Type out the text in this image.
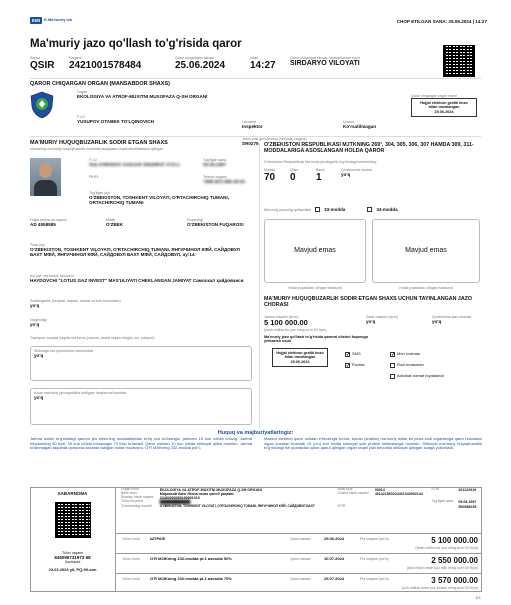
EMI	E-Ma'muriy ish	CHOP ETILGAN SANA: 25.06.2024 | 14:27
Ma'muriy jazo qo'llash to'g'risida qaror
Seriya
QSIR
Raqami
2421001578484
Qaror chiqarilgan sanasi
25.06.2024
Vaqti
14:27
Qaror chiqargan viloyat, shahar/tuman nomi
SIRDARYO VILOYATI
QAROR CHIQARGAN ORGAN (MANSABDOR SHAXS)
Organ
EKOLOGIYA VA ATROF-MUXITNI MUXOFAZA Q-SH ORGANI
Lavozimi
Inspektor
Unvoni
Ko'rsatilmagan
Jeton yoki guvohnoma (seriyasi, raqami)
SR0275
F.I.O.
YUSUPOV OTABEK TO'LQINOVICH
Qaror chiqargan organ muhri
Hujjat elektron grafik imzo
bilan imzolangan
25.06.2024
MA'MURIY HUQUQBUZARLIK SODIR ETGAN SHAXS
shaxsning ma'muriy huquqbuzarlik muhbirlik tasqiqlash orqali identifikatsiya qilingan
F.I.O.
SULAYMONOV SANJAR SHUHRAT O'G'LI
Tug'ilgan sana
05.08.1997
PINFL	Telefon raqami
+998 (97) 555-45-02
Tug'ilgan joyi
O'ZBEKISTON, TOSHKENT VILOYATI, O'RTACHIRCHIQ TUMANI, ORTACHIRCHIQ TUMANI
Hujjat seriya va raqami
AD 4558585
Millati
O'ZBEK
Fuqaroligi
O'ZBEKISTON FUQAROSI
Turar joyi
O'ZBEKISTON, TOSHKENT VILOYATI, O'RTACHIRCHIQ TUMANI, ЯНГИЧИНОЛ КФЙ, САЙДОВУЛ БАХТ МФЙ, ЯНГИЧИНОЛ КФЙ, САЙДОВУЛ БАХТ МФЙ, САЙДОВУЛ, uy:14
Ish joyi, ma'lumoti, lavozimi
HAYDOVCHI "LOTUS GAZ INVEST" MAS'ULIYATI CHEKLANGAN JAMIYAT Самоскал ҳайдовчиси
Sudlanganlik (seriyasi, raqami, sanasi va kim tomonidan)
yo'q
Nogironligi
yo'q
Transport vositasi haqida ma'lumot (rusumi, davlat raqam belgisi, tex. pasport)
Shaxsiga oid qo'shimcha ma'lumotlar
yo'q
Avval ma'muriy javobgarlikka tortilgani haqida ma'lumotlar
yo'q
O'ZBEKISTON RESPUBLIKASI MJTKNING 269¹, 304, 305, 306, 307 HAMDA 309, 311-MODDALARIGA ASOSLANGAN HOLDA QAROR
O'zbekiston Respublikasi Ma'muriy javobgarlik to'g'risidagi kodeksining
Modda
70
Qism
0
Band
1
Qo'shimcha modda
yo'q
Ma'muriy jazoning qo'llanilishi	33-modda	34-modda
Mavjud emas
Holat yuzasidan olingan fotosurat
Mavjud emas
Holat yuzasidan olingan fotosurat
MA'MURIY HUQUQBUZARLIK SODIR ETGAN SHAXS UCHUN TAYINLANGAN JAZO CHORASI
Jarima miqdori (so'm)
5 100 000.00
(besh million bir yuz ming so'm 00 tiyin)
Zarar miqdori (so'm)
yo'q
Qo'shimcha jazo chorasi
yo'q
Ma'muriy jazo qo'llash to'g'risida qarorni olishni fuqaroga yetkazish usuli
Hujjat elektron grafik imzo
bilan imzolangan
25.06.2024
✓
SMS
✓
Pochta
✓
Men roziman
Rozi emasman
Advokat xizmat foydalandi
Huquq va majburiyatlaringiz:
Jarima solish to'g'risidagi qarorni ijro etishning muddatlaridan to'liq rozi bo'lsangiz, jarimani 15 kun ichida to'lang. Jarima miqdorining 50 foizi, 30 kun ichida to'lasangiz 70 foizi to'lanadi. Qaror ustidan 10 kun ichida shikoyat qilish mumkin. Jarima to'lanmagan taqdirda qonunda nazarda tutilgan hollar muztusno. O'R MJtKning 232-modda pdf 1
Mazkur elektron qaror ustidan e'tirozingiz bo'lsa, tuman (shahar) ma'muriy ishlar bo'yicha sudi organlariga qaror nusxasini olgan kunidan boshlab 10 (o'n) kun ichida shikoyat yoki protest keltirishingiz mumkin. Shikoyat ma'muriy huquqbuzarlik to'g'risidagi ish yuzasidan qaror qabul qilingan organ orqali yoki bevosita shikoyat qilingan sudga yuboriladi.
XABARNOMA
To'lov raqami
845096731973 68
Xazinachi
23.03.2023 yil, PQ-99-son
Organ nomi	EKOLOGIYA VA ATROF-MUXITNI MUXOFAZA Q-SH ORGANI	Bank kodi	00014	STIR	201122919
Bank nomi	Марказий банк Ягона ғазна ҳисоб рақами	G'azna hisob raqami	401421860224401343902144		
Shaxsiy hisob raqami	22402000300100001010				
To'lov bo'yicha	████████████			Tug'ilgan sana	05.08.1997
To'lovchining manzili	O'ZBEKISTON, TOSHKENT VILOYATI, O'RTACHIRCHIQ TUMANI, ЯНГИЧИНОЛ КФЙ, САЙДОВУЛ БАХТ	STIR			560958239
To'lov nomi	ШТРАФ	Qaror sanasi	25.06.2024	Pul miqdori (so'm)	5 100 000.00
(besh million bir yuz ming so'm 00 tiyin)
To'lov nomi	O'R MJtKning 232-modda pt.1 asosida 50%	Qaror sanasi	10.07.2024	Pul miqdori (so'm)	2 550 000.00
(ikki million besh yuz ellik ming so'm 00 tiyin)
To'lov nomi	O'R MJtKning 232-modda pt.1 asosida 70%	Qaror sanasi	25.07.2024	Pul miqdori (so'm)	3 570 000.00
(uch million besh yuz etmish ming so'm 00 tiyin)
1/1
